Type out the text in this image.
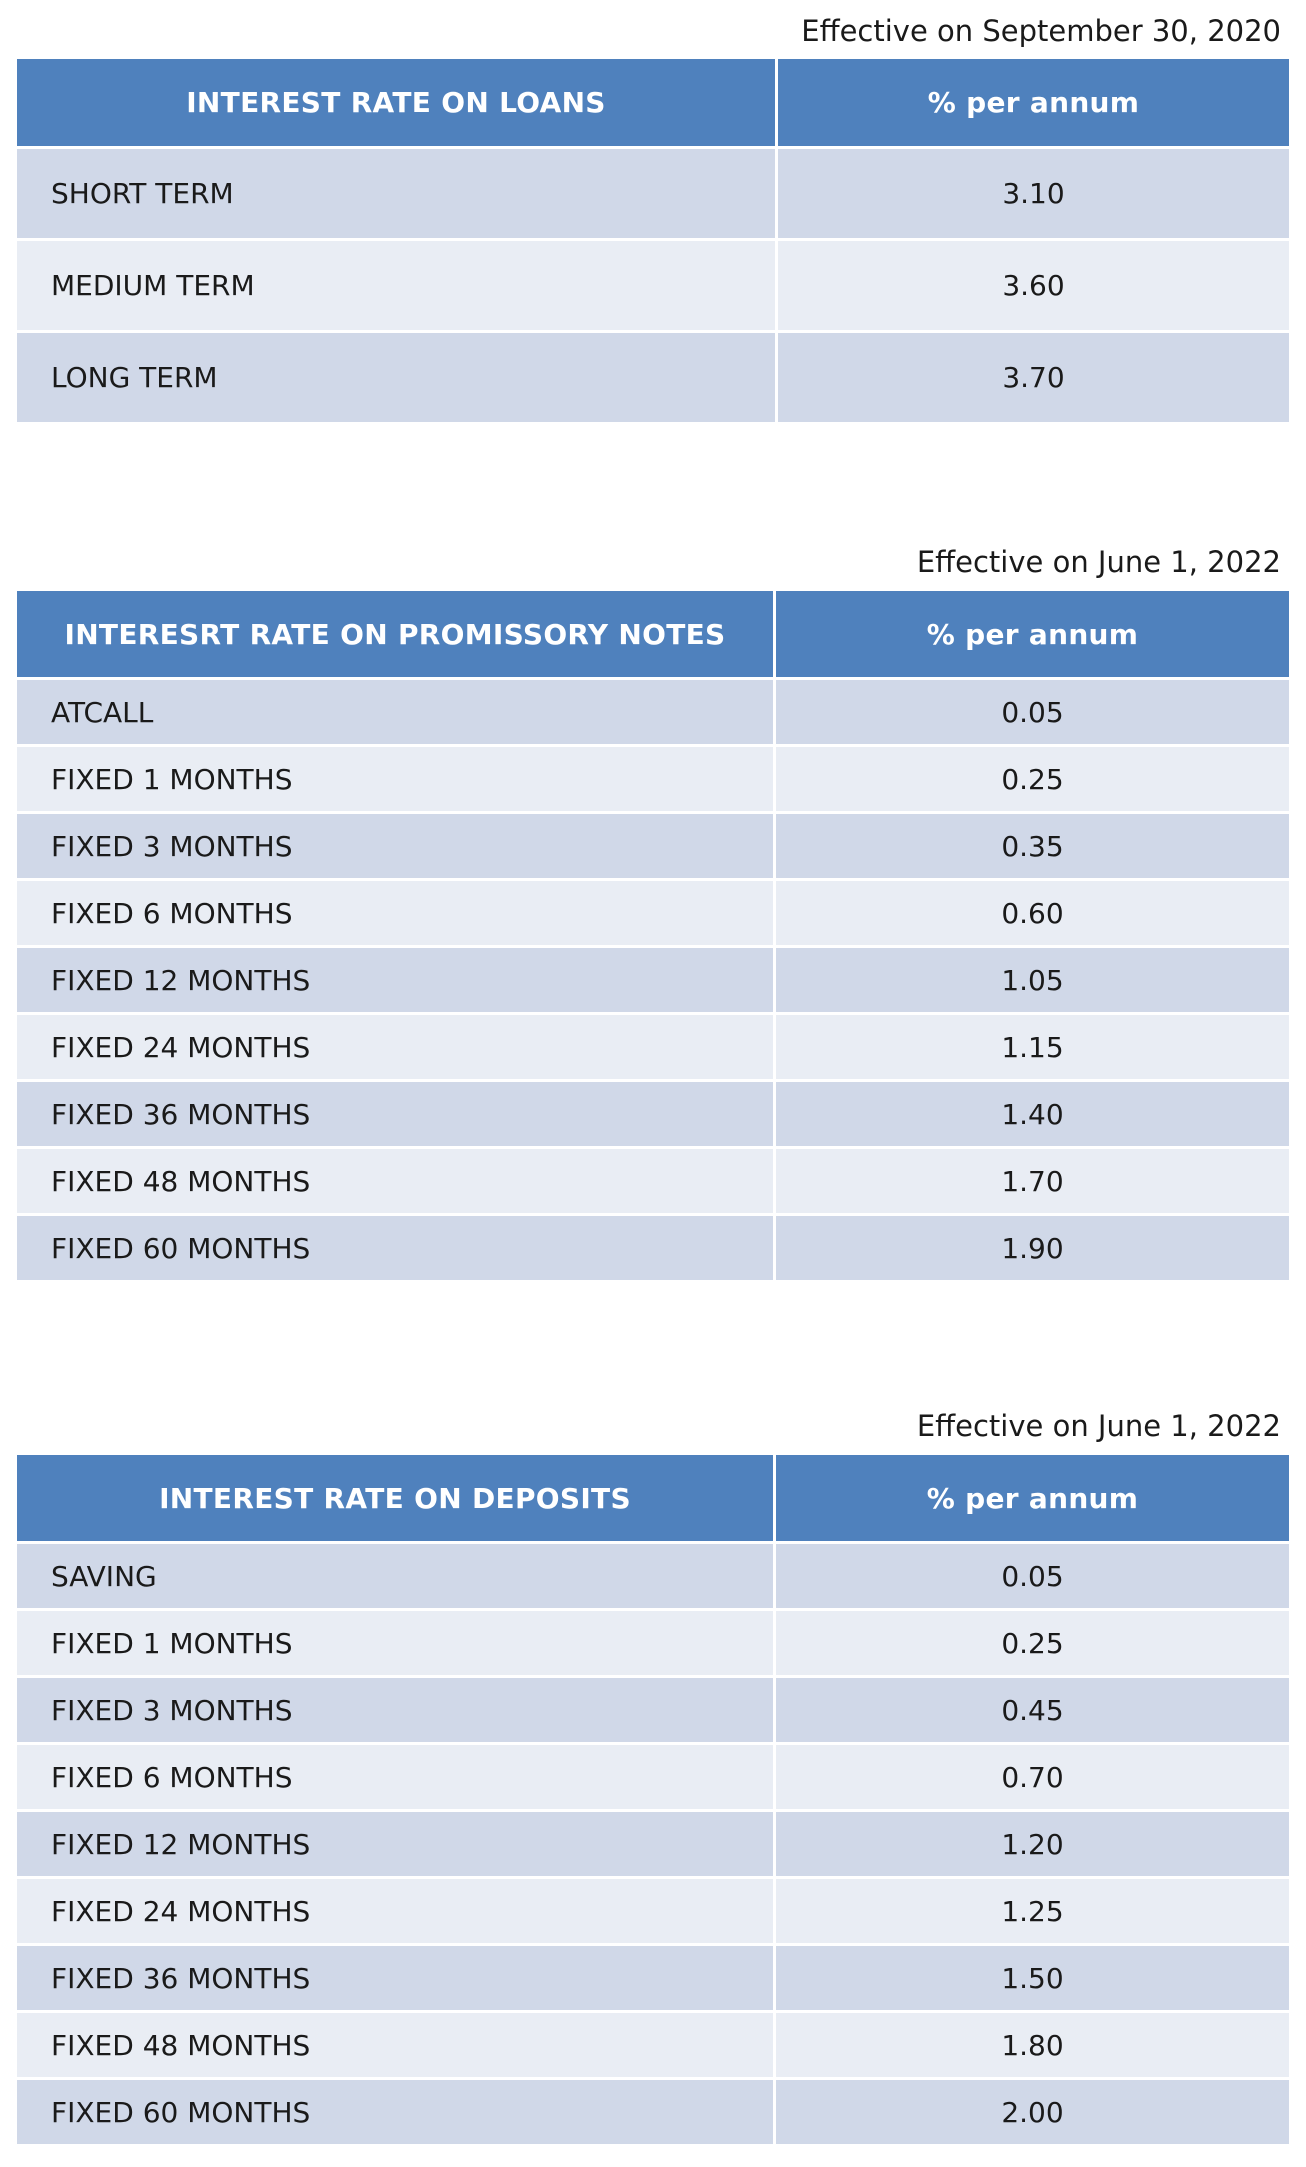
Effective on September 30, 2020
INTEREST RATE ON LOANS	% per annum
SHORT TERM	3.10
MEDIUM TERM	3.60
LONG TERM	3.70
Effective on June 1, 2022
INTERESRT RATE ON PROMISSORY NOTES	% per annum
ATCALL	0.05
FIXED 1 MONTHS	0.25
FIXED 3 MONTHS	0.35
FIXED 6 MONTHS	0.60
FIXED 12 MONTHS	1.05
FIXED 24 MONTHS	1.15
FIXED 36 MONTHS	1.40
FIXED 48 MONTHS	1.70
FIXED 60 MONTHS	1.90
Effective on June 1, 2022
INTEREST RATE ON DEPOSITS	% per annum
SAVING	0.05
FIXED 1 MONTHS	0.25
FIXED 3 MONTHS	0.45
FIXED 6 MONTHS	0.70
FIXED 12 MONTHS	1.20
FIXED 24 MONTHS	1.25
FIXED 36 MONTHS	1.50
FIXED 48 MONTHS	1.80
FIXED 60 MONTHS	2.00
